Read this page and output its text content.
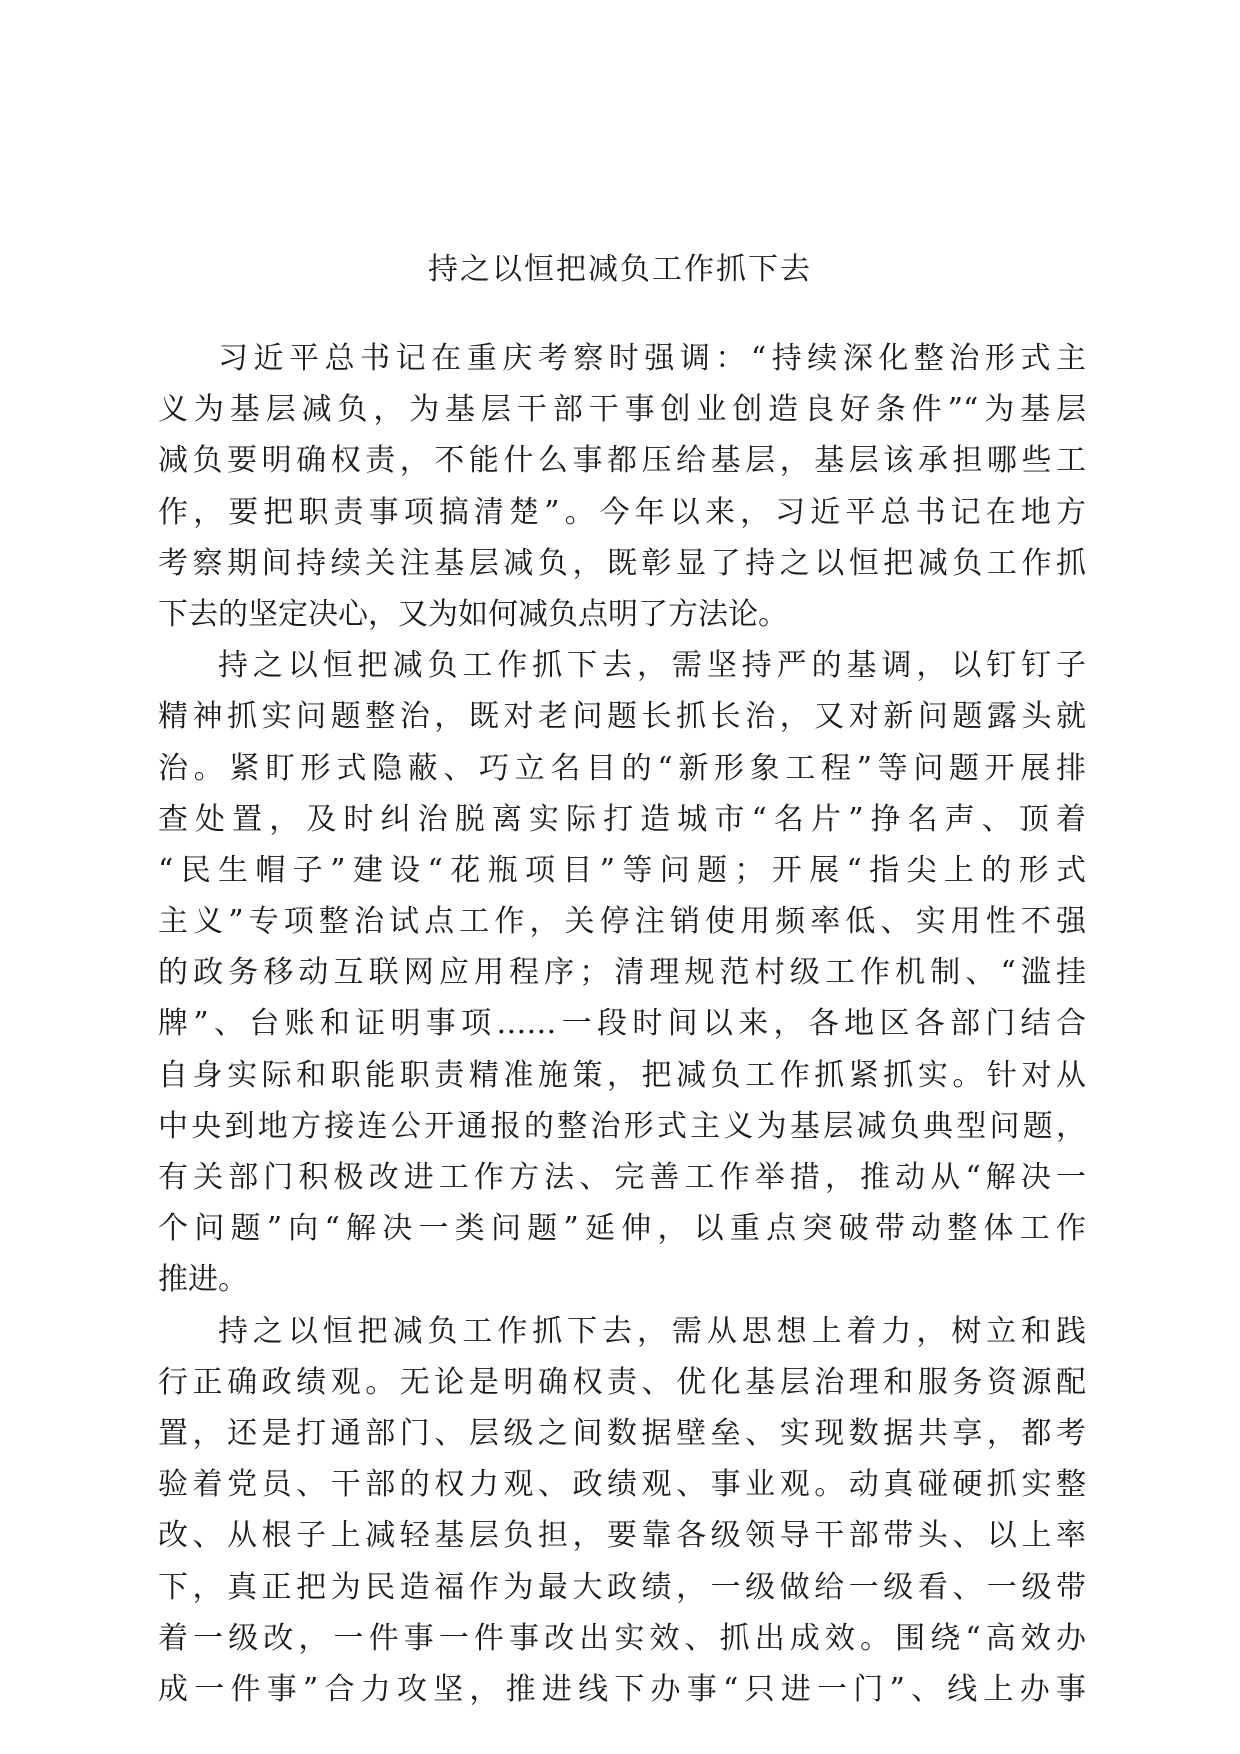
持之以恒把减负工作抓下去
习近平总书记在重庆考察时强调：“持续深化整治形式主
义为基层减负，为基层干部干事创业创造良好条件”“为基层
减负要明确权责，不能什么事都压给基层，基层该承担哪些工
作，要把职责事项搞清楚”。今年以来，习近平总书记在地方
考察期间持续关注基层减负，既彰显了持之以恒把减负工作抓
下去的坚定决心，又为如何减负点明了方法论。
持之以恒把减负工作抓下去，需坚持严的基调，以钉钉子
精神抓实问题整治，既对老问题长抓长治，又对新问题露头就
治。紧盯形式隐蔽、巧立名目的“新形象工程”等问题开展排
查处置，及时纠治脱离实际打造城市“名片”挣名声、顶着
“民生帽子”建设“花瓶项目”等问题；开展“指尖上的形式
主义”专项整治试点工作，关停注销使用频率低、实用性不强
的政务移动互联网应用程序；清理规范村级工作机制、“滥挂
牌”、台账和证明事项……一段时间以来，各地区各部门结合
自身实际和职能职责精准施策，把减负工作抓紧抓实。针对从
中央到地方接连公开通报的整治形式主义为基层减负典型问题，
有关部门积极改进工作方法、完善工作举措，推动从“解决一
个问题”向“解决一类问题”延伸，以重点突破带动整体工作
推进。
持之以恒把减负工作抓下去，需从思想上着力，树立和践
行正确政绩观。无论是明确权责、优化基层治理和服务资源配
置，还是打通部门、层级之间数据壁垒、实现数据共享，都考
验着党员、干部的权力观、政绩观、事业观。动真碰硬抓实整
改、从根子上减轻基层负担，要靠各级领导干部带头、以上率
下，真正把为民造福作为最大政绩，一级做给一级看、一级带
着一级改，一件事一件事改出实效、抓出成效。围绕“高效办
成一件事”合力攻坚，推进线下办事“只进一门”、线上办事
